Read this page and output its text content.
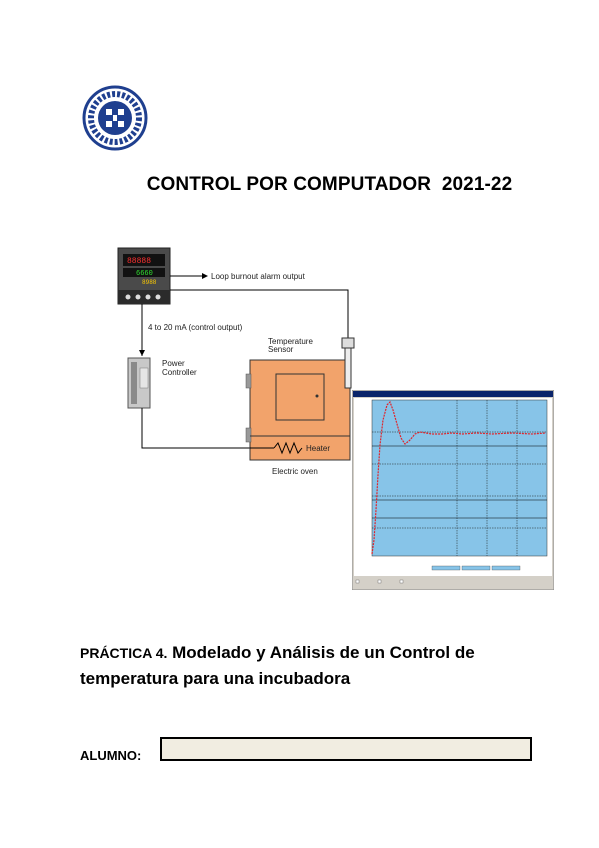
CONTROL POR COMPUTADOR  2021-22
88888
6660
8988
Loop burnout alarm output
4 to 20 mA (control output)
Power
Controller
Temperature
Sensor
Heater
Electric oven
PRÁCTICA 4. Modelado y Análisis de un Control de
temperatura para una incubadora
ALUMNO:
